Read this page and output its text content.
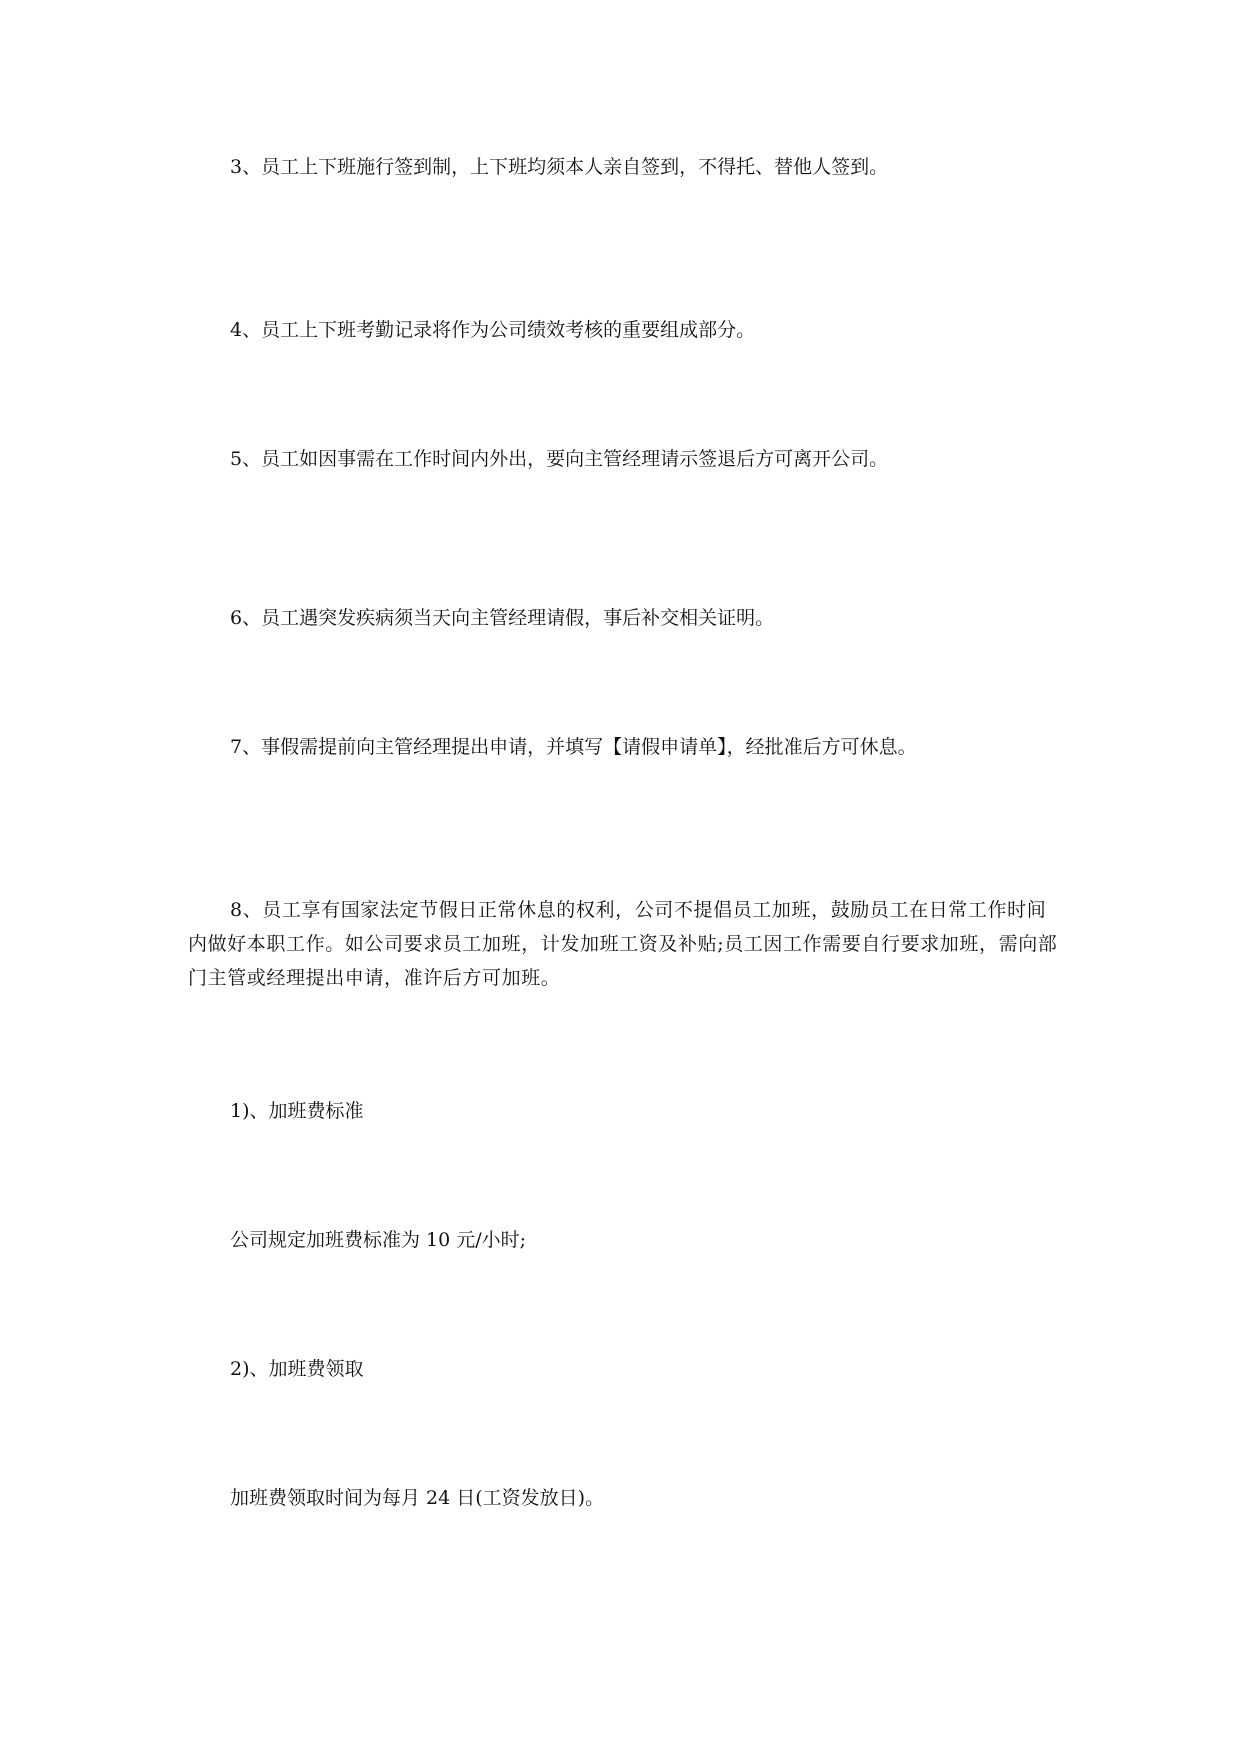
3、员工上下班施行签到制，上下班均须本人亲自签到，不得托、替他人签到。

4、员工上下班考勤记录将作为公司绩效考核的重要组成部分。

5、员工如因事需在工作时间内外出，要向主管经理请示签退后方可离开公司。

6、员工遇突发疾病须当天向主管经理请假，事后补交相关证明。

7、事假需提前向主管经理提出申请，并填写【请假申请单】，经批准后方可休息。

8、员工享有国家法定节假日正常休息的权利，公司不提倡员工加班，鼓励员工在日常工作时间内做好本职工作。如公司要求员工加班，计发加班工资及补贴;员工因工作需要自行要求加班，需向部门主管或经理提出申请，准许后方可加班。

1)、加班费标准

公司规定加班费标准为 10 元/小时;

2)、加班费领取

加班费领取时间为每月 24 日(工资发放日)。
